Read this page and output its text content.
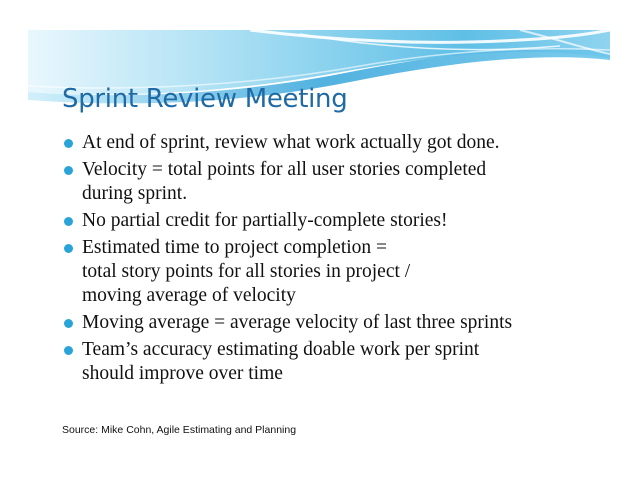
Sprint Review Meeting
At end of sprint, review what work actually got done.
Velocity = total points for all user stories completed
during sprint.
No partial credit for partially-complete stories!
Estimated time to project completion =
total story points for all stories in project /
moving average of velocity
Moving average = average velocity of last three sprints
Team’s accuracy estimating doable work per sprint
should improve over time

Source: Mike Cohn, Agile Estimating and Planning
